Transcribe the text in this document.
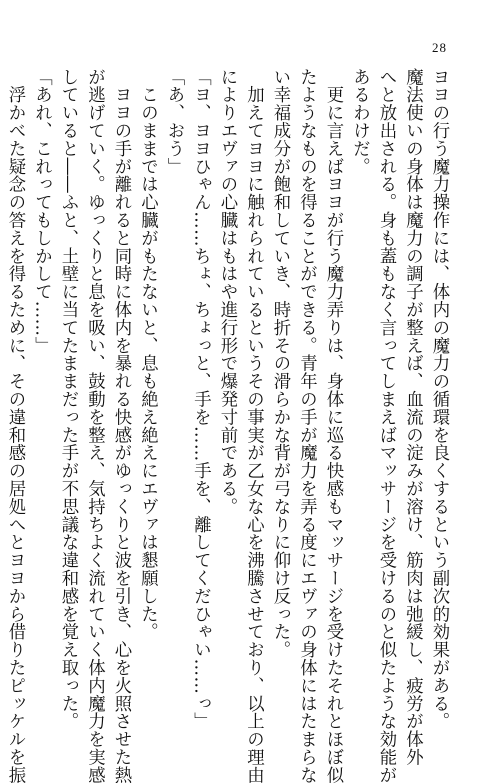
28

ヨヨの行う魔力操作には、体内の魔力の循環を良くするという副次的効果がある。

魔法使いの身体は魔力の調子が整えば、血流の淀みが溶け、筋肉は弛緩し、疲労が体外

へと放出される。身も蓋もなく言ってしまえばマッサージを受けるのと似たような効能が

あるわけだ。

　更に言えばヨヨが行う魔力弄りは、身体に巡る快感もマッサージを受けたそれとほぼ似

たようなものを得ることができる。青年の手が魔力を弄る度にエヴァの身体にはたまらな

い幸福成分が飽和していき、時折その滑らかな背が弓なりに仰け反った。

　加えてヨヨに触れられているというその事実が乙女な心を沸騰させており、以上の理由

によりエヴァの心臓はもはや進行形で爆発寸前である。

「ヨ、ヨヨひゃん……ちょ、ちょっと、手を……手を、離してくだひゃい……っ」

「あ、おう」

　このままでは心臓がもたないと、息も絶え絶えにエヴァは懇願した。

　ヨヨの手が離れると同時に体内を暴れる快感がゆっくりと波を引き、心を火照させた熱

が逃げていく。ゆっくりと息を吸い、鼓動を整え、気持ちよく流れていく体内魔力を実感

していると――ふと、土壁に当てたままだった手が不思議な違和感を覚え取った。

「あれ、これってもしかして……」

　浮かべた疑念の答えを得るために、その違和感の居処へとヨヨから借りたピッケルを振
